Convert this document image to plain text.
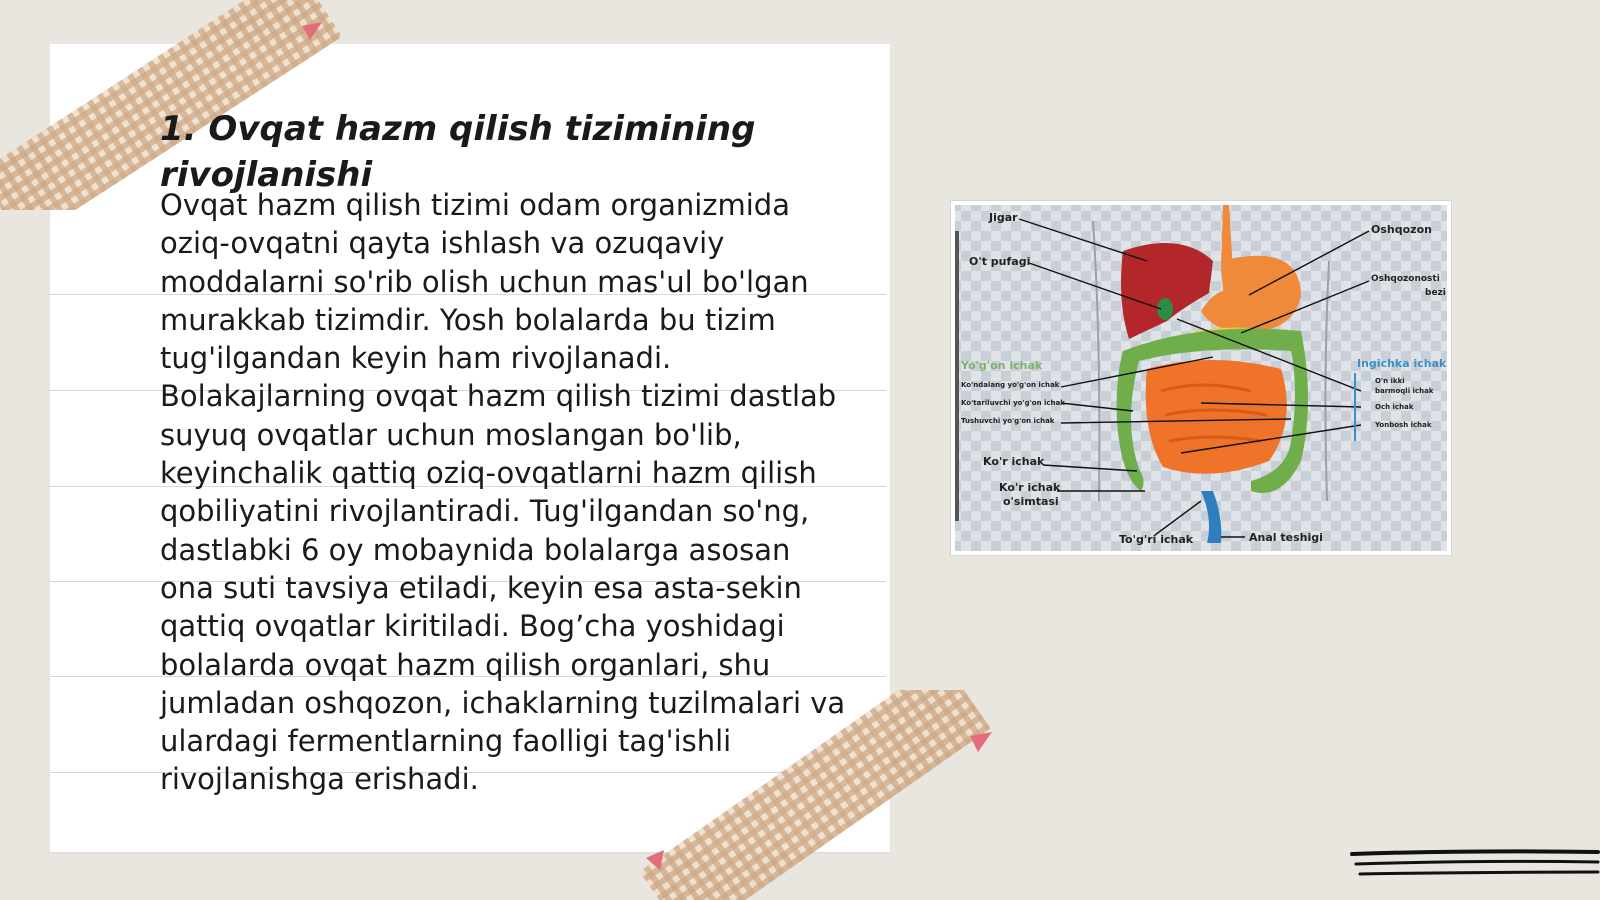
1. Ovqat hazm qilish tizimining rivojlanishi

Ovqat hazm qilish tizimi odam organizmida oziq-ovqatni qayta ishlash va ozuqaviy moddalarni so'rib olish uchun mas'ul bo'lgan murakkab tizimdir. Yosh bolalarda bu tizim tug'ilgandan keyin ham rivojlanadi. Bolakajlarning ovqat hazm qilish tizimi dastlab suyuq ovqatlar uchun moslangan bo'lib, keyinchalik qattiq oziq-ovqatlarni hazm qilish qobiliyatini rivojlantiradi. Tug'ilgandan so'ng, dastlabki 6 oy mobaynida bolalarga asosan ona suti tavsiya etiladi, keyin esa asta-sekin qattiq ovqatlar kiritiladi. Bog’cha yoshidagi bolalarda ovqat hazm qilish organlari, shu jumladan oshqozon, ichaklarning tuzilmalari va ulardagi fermentlarning faolligi tag'ishli rivojlanishga erishadi.

Jigar
O't pufagi
Oshqozon
Oshqozonosti
bezi
Yo'g'on ichak
Ko'ndalang yo'g'on ichak
Ko'tariluvchi yo'g'on ichak
Tushuvchi yo'g'on ichak
Ko'r ichak
Ko'r ichak
o'simtasi
To'g'ri ichak	Anal teshigi
Ingichka ichak
O'n ikki
barmoqli ichak
Och ichak
Yonbosh ichak
